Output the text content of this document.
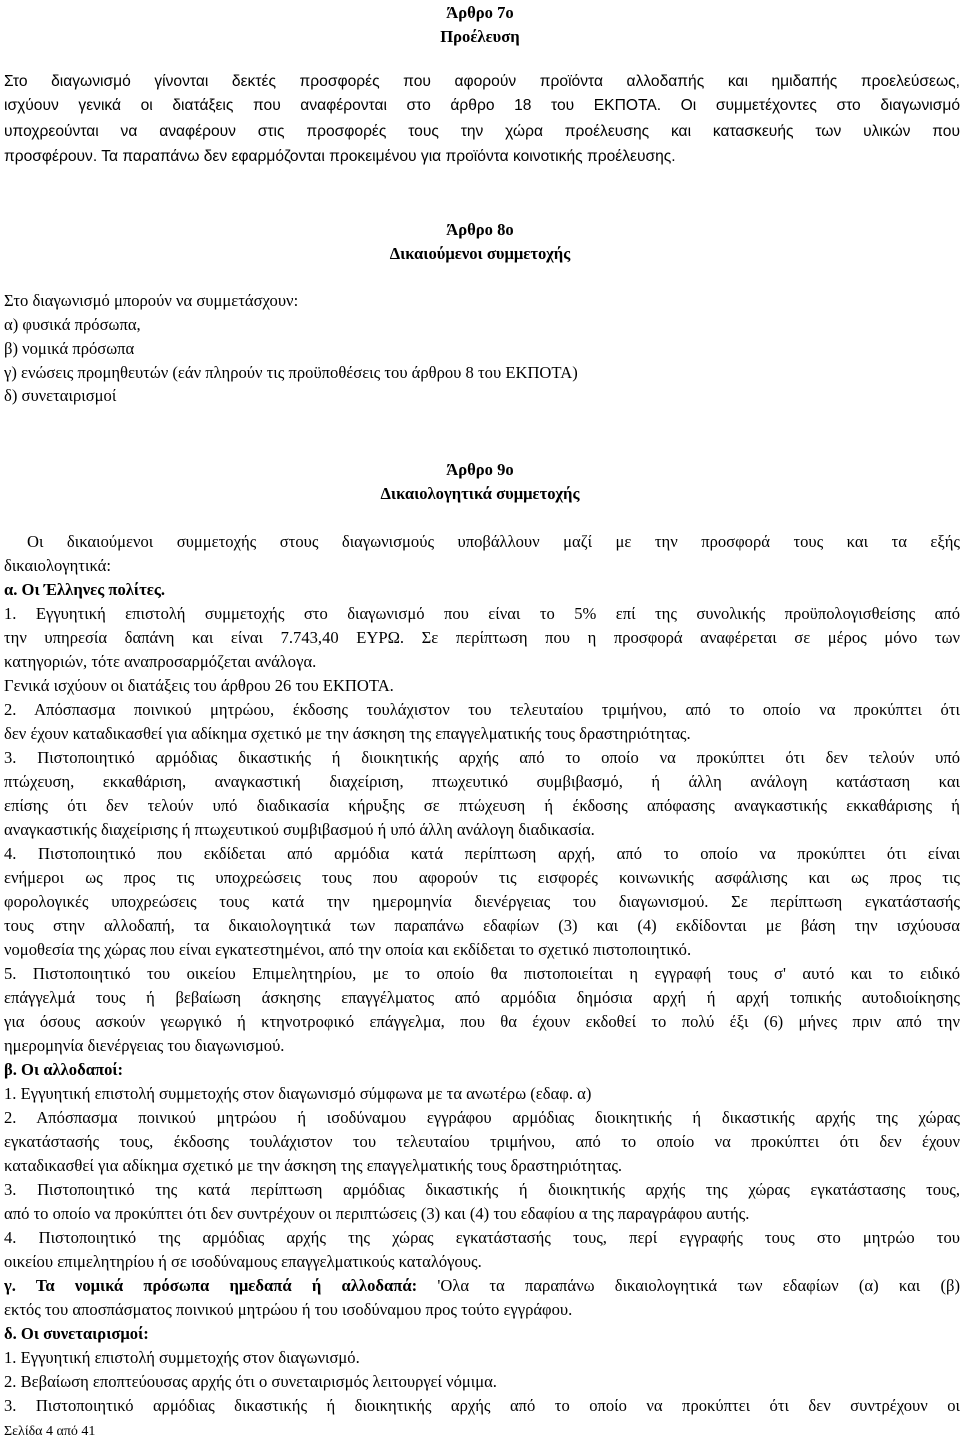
Άρθρο 7ο
Προέλευση
Στο διαγωνισμό γίνονται δεκτές προσφορές που αφορούν προϊόντα αλλοδαπής και ημιδαπής προελεύσεως,
ισχύουν γενικά οι διατάξεις που αναφέρονται στο άρθρο 18 του ΕΚΠΟΤΑ. Οι συμμετέχοντες στο διαγωνισμό
υποχρεούνται να αναφέρουν στις προσφορές τους την χώρα προέλευσης και κατασκευής των υλικών που
προσφέρουν. Τα παραπάνω δεν εφαρμόζονται προκειμένου για προϊόντα κοινοτικής προέλευσης.
Άρθρο 8ο
Δικαιούμενοι συμμετοχής
Στο διαγωνισμό μπορούν να συμμετάσχουν:
α) φυσικά πρόσωπα,
β) νομικά πρόσωπα
γ) ενώσεις προμηθευτών (εάν πληρούν τις προϋποθέσεις του άρθρου 8 του ΕΚΠΟΤΑ)
δ) συνεταιρισμοί
Άρθρο 9ο
Δικαιολογητικά συμμετοχής
Οι δικαιούμενοι συμμετοχής στους διαγωνισμούς υποβάλλουν μαζί με την προσφορά τους και τα εξής
δικαιολογητικά:
α. Οι Έλληνες πολίτες.
1. Εγγυητική επιστολή συμμετοχής στο διαγωνισμό που είναι το 5% επί της συνολικής προϋπολογισθείσης από
την υπηρεσία δαπάνη και είναι 7.743,40 ΕΥΡΩ. Σε περίπτωση που η προσφορά αναφέρεται σε μέρος μόνο των
κατηγοριών, τότε αναπροσαρμόζεται ανάλογα.
Γενικά ισχύουν οι διατάξεις του άρθρου 26 του ΕΚΠΟΤΑ.
2. Απόσπασμα ποινικού μητρώου, έκδοσης τουλάχιστον του τελευταίου τριμήνου, από το οποίο να προκύπτει ότι
δεν έχουν καταδικασθεί για αδίκημα σχετικό με την άσκηση της επαγγελματικής τους δραστηριότητας.
3. Πιστοποιητικό αρμόδιας δικαστικής ή διοικητικής αρχής από το οποίο να προκύπτει ότι δεν τελούν υπό
πτώχευση, εκκαθάριση, αναγκαστική διαχείριση, πτωχευτικό συμβιβασμό, ή άλλη ανάλογη κατάσταση και
επίσης ότι δεν τελούν υπό διαδικασία κήρυξης σε πτώχευση ή έκδοσης απόφασης αναγκαστικής εκκαθάρισης ή
αναγκαστικής διαχείρισης ή πτωχευτικού συμβιβασμού ή υπό άλλη ανάλογη διαδικασία.
4. Πιστοποιητικό που εκδίδεται από αρμόδια κατά περίπτωση αρχή, από το οποίο να προκύπτει ότι είναι
ενήμεροι ως προς τις υποχρεώσεις τους που αφορούν τις εισφορές κοινωνικής ασφάλισης και ως προς τις
φορολογικές υποχρεώσεις τους κατά την ημερομηνία διενέργειας του διαγωνισμού. Σε περίπτωση εγκατάστασής
τους στην αλλοδαπή, τα δικαιολογητικά των παραπάνω εδαφίων (3) και (4) εκδίδονται με βάση την ισχύουσα
νομοθεσία της χώρας που είναι εγκατεστημένοι, από την οποία και εκδίδεται το σχετικό πιστοποιητικό.
5. Πιστοποιητικό του οικείου Επιμελητηρίου, με το οποίο θα πιστοποιείται η εγγραφή τους σ' αυτό και το ειδικό
επάγγελμά τους ή βεβαίωση άσκησης επαγγέλματος από αρμόδια δημόσια αρχή ή αρχή τοπικής αυτοδιοίκησης
για όσους ασκούν γεωργικό ή κτηνοτροφικό επάγγελμα, που θα έχουν εκδοθεί το πολύ έξι (6) μήνες πριν από την
ημερομηνία διενέργειας του διαγωνισμού.
β. Οι αλλοδαποί:
1. Εγγυητική επιστολή συμμετοχής στον διαγωνισμό σύμφωνα με τα ανωτέρω (εδαφ. α)
2. Απόσπασμα ποινικού μητρώου ή ισοδύναμου εγγράφου αρμόδιας διοικητικής ή δικαστικής αρχής της χώρας
εγκατάστασής τους, έκδοσης τουλάχιστον του τελευταίου τριμήνου, από το οποίο να προκύπτει ότι δεν έχουν
καταδικασθεί για αδίκημα σχετικό με την άσκηση της επαγγελματικής τους δραστηριότητας.
3. Πιστοποιητικό της κατά περίπτωση αρμόδιας δικαστικής ή διοικητικής αρχής της χώρας εγκατάστασης τους,
από το οποίο να προκύπτει ότι δεν συντρέχουν οι περιπτώσεις (3) και (4) του εδαφίου α της παραγράφου αυτής.
4. Πιστοποιητικό της αρμόδιας αρχής της χώρας εγκατάστασής τους, περί εγγραφής τους στο μητρώο του
οικείου επιμελητηρίου ή σε ισοδύναμους επαγγελματικούς καταλόγους.
γ. Τα νομικά πρόσωπα ημεδαπά ή αλλοδαπά: 'Ολα τα παραπάνω δικαιολογητικά των εδαφίων (α) και (β)
εκτός του αποσπάσματος ποινικού μητρώου ή του ισοδύναμου προς τούτο εγγράφου.
δ. Οι συνεταιρισμοί:
1. Εγγυητική επιστολή συμμετοχής στον διαγωνισμό.
2. Βεβαίωση εποπτεύουσας αρχής ότι ο συνεταιρισμός λειτουργεί νόμιμα.
3. Πιστοποιητικό αρμόδιας δικαστικής ή διοικητικής αρχής από το οποίο να προκύπτει ότι δεν συντρέχουν οι
Σελίδα 4 από 41
